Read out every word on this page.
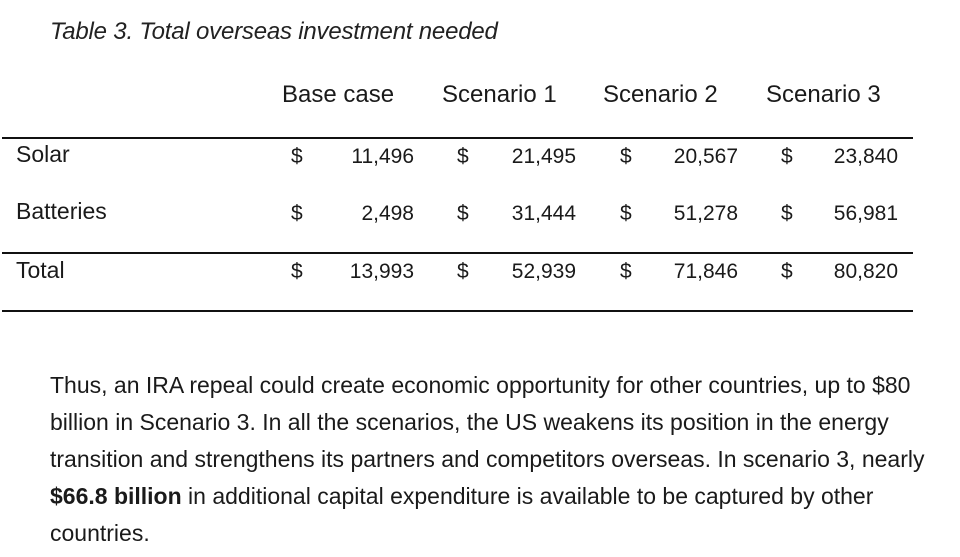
Table 3. Total overseas investment needed
Base case Scenario 1 Scenario 2 Scenario 3
Solar	$	11,496 $	21,495 $	20,567 $	23,840
Batteries	$	2,498 $	31,444 $	51,278 $	56,981
Total	$	13,993 $	52,939 $	71,846 $	80,820
Thus, an IRA repeal could create economic opportunity for other countries, up to $80 billion in Scenario 3. In all the scenarios, the US weakens its position in the energy transition and strengthens its partners and competitors overseas. In scenario 3, nearly $66.8 billion in additional capital expenditure is available to be captured by other countries.
